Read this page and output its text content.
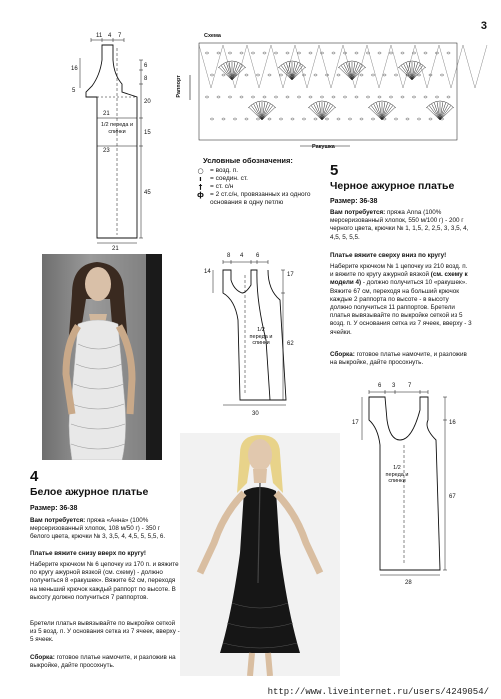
3
11 4 7
16
5
6
8
20
15
45
21
23
21
8 4 6
14	17
62
30
6 3 7
17	16
67
28
Схема
Раппорт
Ракушка
1/2 переда и спинки
1/2 переда и спинки
1/2 переда и спинки
Условные обозначения:
○ = возд. п.
ı	= соедин. ст.
†	= ст. с/н
ф = 2 ст.с/н, провязанных из одного основания в одну петлю
5
Черное ажурное платье
Размер: 36-38
Вам потребуется: пряжа Anna (100% мерсеризованный хлопок, 550 м/100 г) - 200 г черного цвета, крючки № 1, 1,5, 2, 2,5, 3, 3,5, 4, 4,5, 5, 5,5.
Платье вяжите сверху вниз по кругу!
Наберите крючком № 1 цепочку из 210 возд. п. и вяжите по кругу ажурной вязкой (см. схему к модели 4) - должно получиться 10 «ракушек». Вяжите 67 см, переходя на больший крючок каждые 2 раппорта по высоте - в высоту должно получиться 11 раппортов. Бретели платья вывязывайте по выкройке сеткой из 5 возд. п. У основания сетка из 7 ячеек, вверху - 3 ячейки.
Сборка: готовое платье намочите, и разложив на выкройке, дайте просохнуть.
4
Белое ажурное платье
Размер: 36-38
Вам потребуется: пряжа «Анна» (100% мерсеризованный хлопок, 108 м/50 г) - 350 г белого цвета, крючки № 3, 3,5, 4, 4,5, 5, 5,5, 6.
Платье вяжите снизу вверх по кругу!
Наберите крючком № 6 цепочку из 170 п. и вяжите по кругу ажурной вязкой (см. схему) - должно получиться 8 «ракушек». Вяжите 62 см, переходя на меньший крючок каждый раппорт по высоте. В высоту должно получиться 7 раппортов.
Бретели платья вывязывайте по выкройке сеткой из 5 возд. п. У основания сетка из 7 ячеек, вверху - 5 ячеек.
Сборка: готовое платье намочите, и разложив на выкройке, дайте просохнуть.
http://www.liveinternet.ru/users/4249054/
